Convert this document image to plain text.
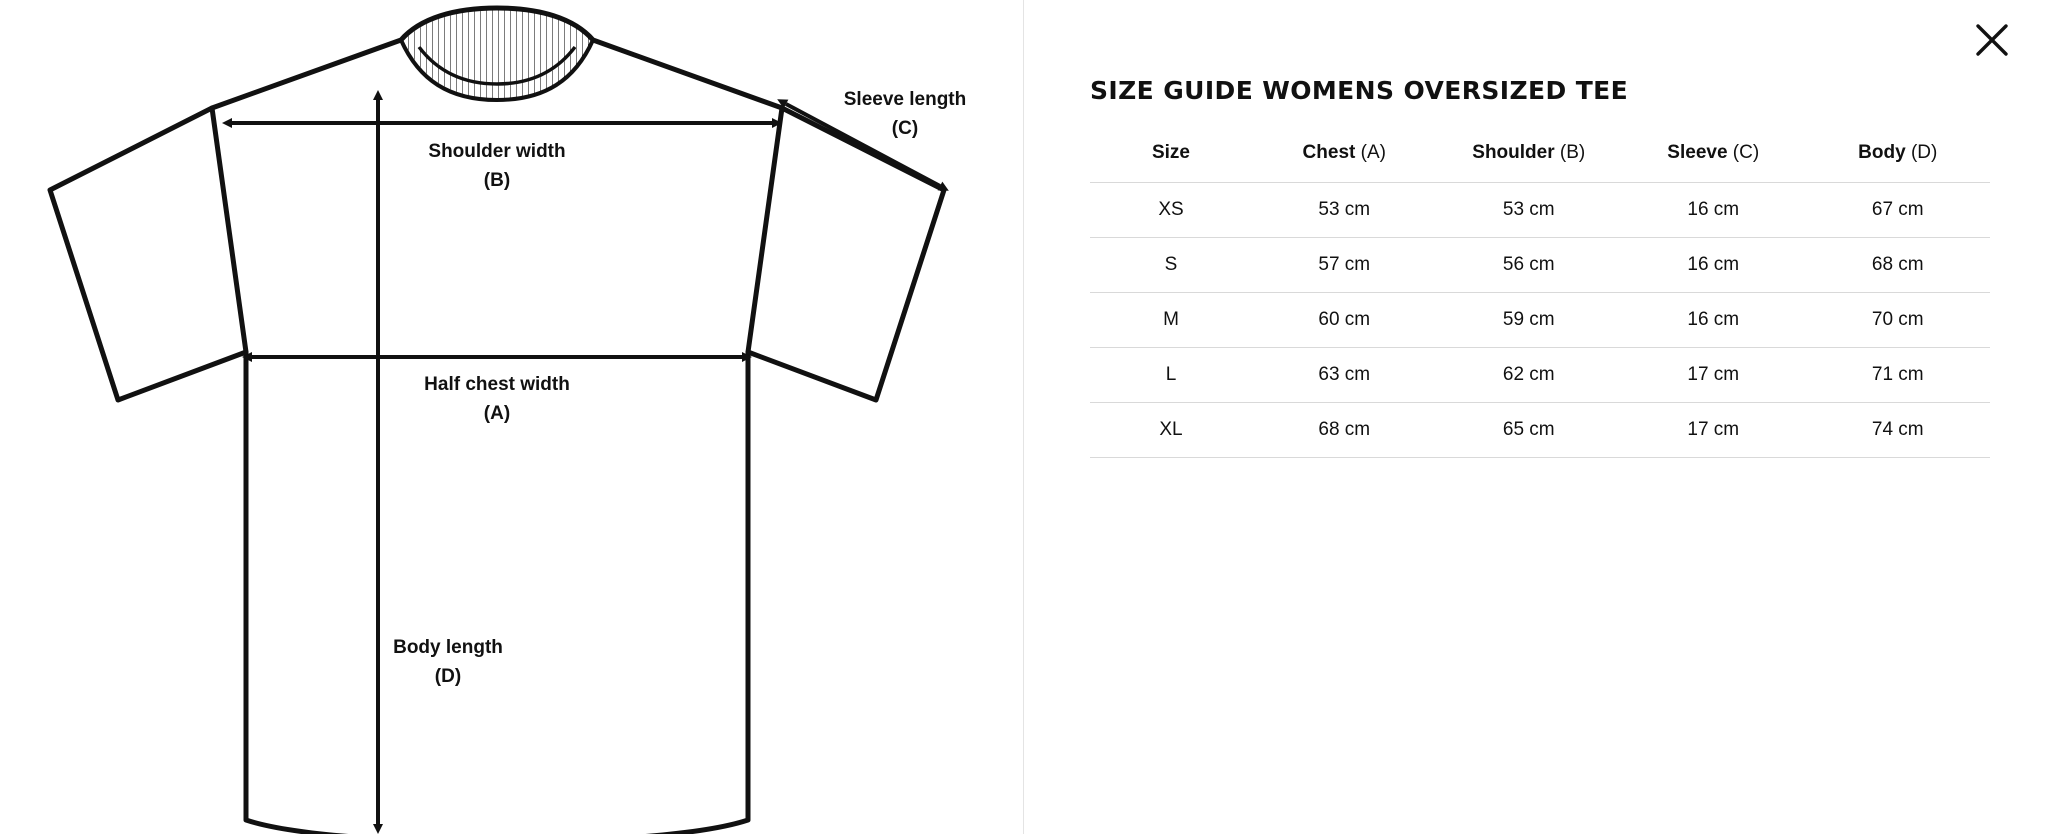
Shoulder width
(B)
Half chest width
(A)
Body length
(D)
Sleeve length
(C)
SIZE GUIDE WOMENS OVERSIZED TEE
Size	Chest (A)	Shoulder (B)	Sleeve (C)	Body (D)
XS	53 cm	53 cm	16 cm	67 cm
S	57 cm	56 cm	16 cm	68 cm
M	60 cm	59 cm	16 cm	70 cm
L	63 cm	62 cm	17 cm	71 cm
XL	68 cm	65 cm	17 cm	74 cm
